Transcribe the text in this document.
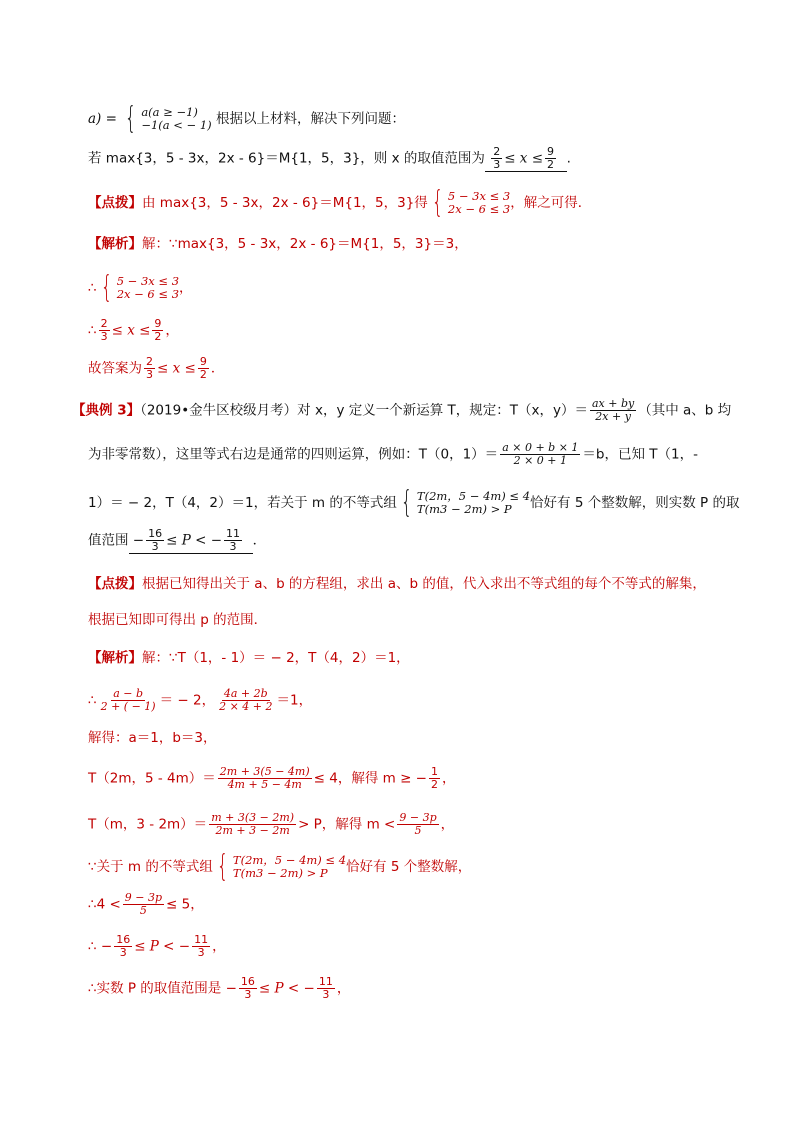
a) = { a(a ≥ −1)
−1(a < − 1) 根据以上材料，解决下列问题：
若 max{3，5 - 3x，2x - 6}＝M{1，5，3}，则 x 的取值范围为 $\frac{2}{3} \le x \le \frac{9}{2}$ .
【点拨】由 max{3，5 - 3x，2x - 6}＝M{1，5，3}得 { 5 − 3x ≤ 3
2x − 6 ≤ 3 ，解之可得．
【解析】解：∵max{3，5 - 3x，2x - 6}＝M{1，5，3}＝3，
∴ { 5 − 3x ≤ 3
2x − 6 ≤ 3 ，
∴ $\frac{2}{3} \le x \le \frac{9}{2}$ ，
故答案为 $\frac{2}{3} \le x \le \frac{9}{2}$ ．
【典例 3】（2019•金牛区校级月考）对 x，y 定义一个新运算 T，规定：T（x，$y)= \frac{ax + by}{2x + y}$ （其中 a、b 均
为非零常数），这里等式右边是通常的四则运算，例如：T（0，$1)= \frac{a \times 0 + b \times 1}{2 \times 0 + 1} =b$，已知 T（1，-
1）＝ − 2，T（4，2）＝1，若关于 m 的不等式组 { T(2m，5 − 4m) ≤ 4
T(m3 − 2m) > P	恰好有 5 个整数解，则实数 P 的取
值范围 − $\frac{16}{3} \le P$ < − $\frac{11}{3}$ ．
【点拨】根据已知得出关于 a、b 的方程组，求出 a、b 的值，代入求出不等式组的每个不等式的解集，
根据已知即可得出 p 的范围．
【解析】解：∵T（1，- 1）＝ − 2，T（4，2）＝1，
∴ $\frac{a - b}{2 + ( - 1)}$ ＝ − 2， $\frac{4a + 2b}{2 \times 4 + 2} =1$，
解得：a＝1，b＝3，
T（2m，$5 - 4m)= \frac{2m + 3(5 - 4m)}{4m + 5 - 4m} \le 4$，解得 m ≥ − $\frac{1}{2}$ ，
T（m，$3 - 2m)= \frac{m + 3(3 - 2m)}{2m + 3 - 2m} > P$，解得 $m < \frac{9 - 3p}{5}$ ，
∵关于 m 的不等式组 { T(2m，5 − 4m) ≤ 4
T(m3 − 2m) > P	恰好有 5 个整数解，
∴4 < $\frac{9 - 3p}{5} \le 5$，
∴ − $\frac{16}{3} \le P$ < − $\frac{11}{3}$ ，
∴实数 P 的取值范围是 − $\frac{16}{3} \le P$ < − $\frac{11}{3}$ ，
